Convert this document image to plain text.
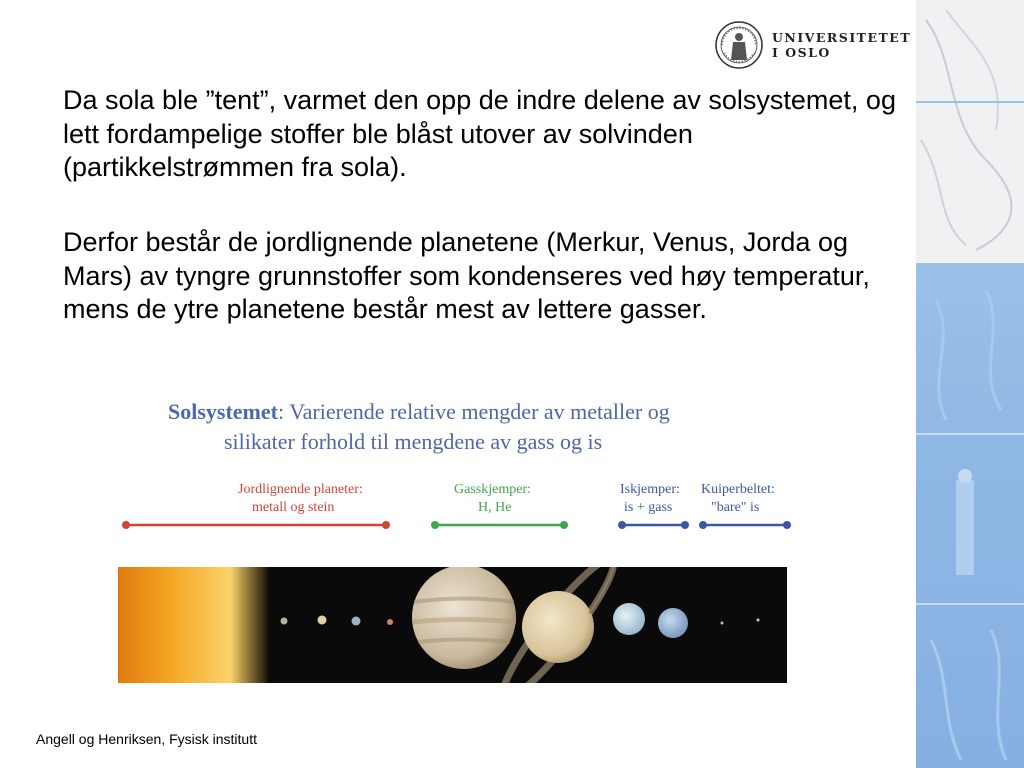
UNIVERSITETET
I OSLO

Da sola ble ”tent”, varmet den opp de indre delene av solsystemet, og lett fordampelige stoffer ble blåst utover av solvinden (partikkelstrømmen fra sola).

Derfor består de jordlignende planetene (Merkur, Venus, Jorda og Mars) av tyngre grunnstoffer som kondenseres ved høy temperatur, mens de ytre planetene består mest av lettere gasser.

Solsystemet: Varierende relative mengder av metaller og
silikater forhold til mengdene av gass og is
Jordlignende planeter:
metall og stein
Gasskjemper:
H, He
Iskjemper:
is + gass
Kuiperbeltet:
"bare" is
Angell og Henriksen, Fysisk institutt
